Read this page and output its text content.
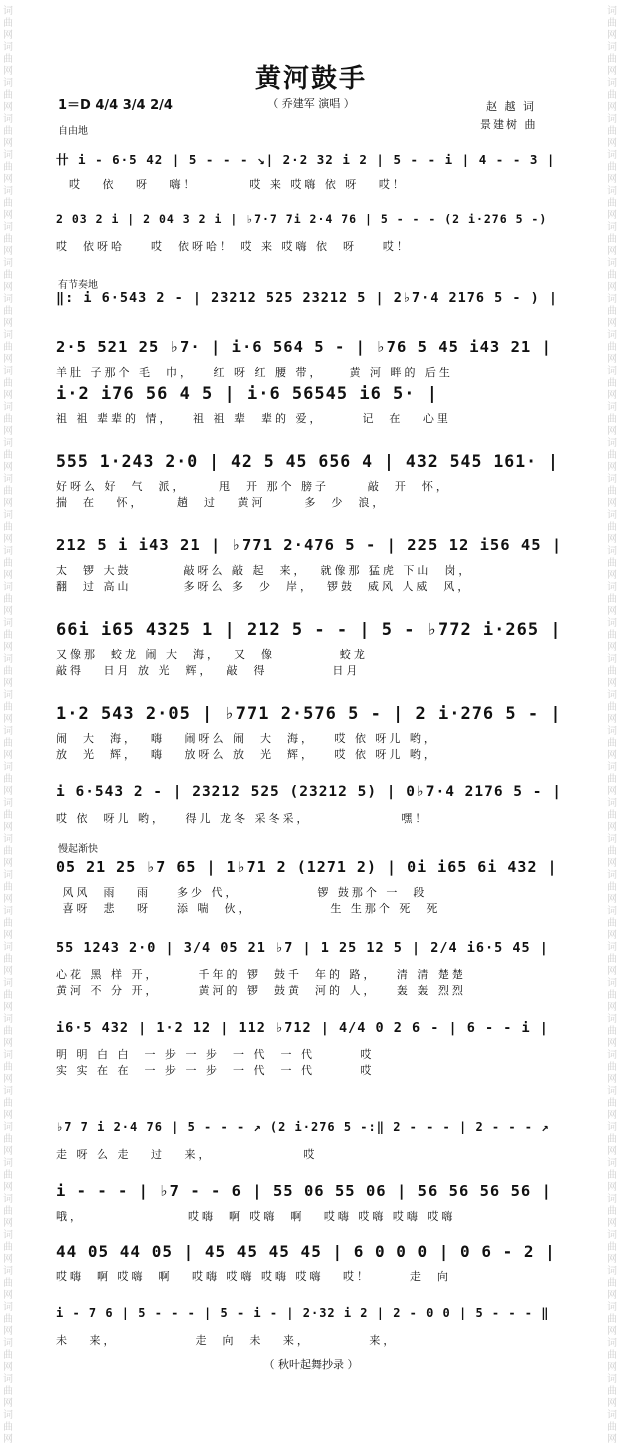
词
曲
网
词
曲
网
词
曲
网
词
曲
网
词
曲
网
词
曲
网
词
曲
网
词
曲
网
词
曲
网
词
曲
网
词
曲
网
词
曲
网
词
曲
网
词
曲
网
词
曲
网
词
曲
网
词
曲
网
词
曲
网
词
曲
网
词
曲
网
词
曲
网
词
曲
网
词
曲
网
词
曲
网
词
曲
网
词
曲
网
词
曲
网
词
曲
网
词
曲
网
词
曲
网
词
曲
网
词
曲
网
词
曲
网
词
曲
网
词
曲
网
词
曲
网
词
曲
网
词
曲
网
词
曲
网
词
曲
网
词
曲
网
词
曲
网
词
曲
网
词
曲
网
词
曲
网
词
曲
网
词
曲
网
词
曲
网
词
曲
网
词
曲
网
词
曲
网
词
曲
网
词
曲
网
词
曲
网
词
曲
网
词
曲
网
词
曲
网
词
曲
网
词
曲
网
词
曲
网
词
曲
网
词
曲
网
词
曲
网
词
曲
网
词
曲
网
词
曲
网
词
曲
网
词
曲
网
词
曲
网
词
曲
网
词
曲
网
词
曲
网
词
曲
网
词
曲
网
词
曲
网
词
曲
网
词
曲
网
词
曲
网
词
曲
网
词
曲
网
黄河鼓手
（ 乔建军 演唱 ）
1＝D 4/4 3/4 2/4	赵 越 词
景建树 曲
自由地
有节奏地
慢起渐快
卄 i - 6·5 42 | 5 - - - ↘| 2·2 32 i 2 | 5 - - i | 4 - - 3 |
哎   依   呀   嗨！        哎 来 哎嗨 依 呀   哎！
2 03 2 i | 2 04 3 2 i | ♭7·7 7i 2·4 76 | 5 - - - (2 i·276 5 -)
哎  依呀哈    哎  依呀哈！ 哎 来 哎嗨 依  呀    哎！
‖: i 6·543 2 - | 23212 525 23212 5 | 2♭7·4 2176 5 - ) |
2·5 521 25 ♭7· | i·6 564 5 - | ♭76 5 45 i43 21 |
羊肚 子那个 毛  巾，   红 呀 红 腰 带，    黄 河 畔的 后生
i·2 i76 56 4 5 | i·6 56545 i6 5· |
祖 祖 辈辈的 情，   祖 祖 辈  辈的 爱，      记  在   心里
555 1·243 2·0 | 42 5 45 656 4 | 432 545 161· |
好呀么 好  气  派，     甩  开 那个 膀子      敲  开  怀，
揣  在   怀，     趟  过   黄河      多  少  浪，
212 5 i i43 21 | ♭771 2·476 5 - | 225 12 i56 45 |
太  锣 大鼓        敲呀么 敲 起  来，  就像那 猛虎 下山  岗，
翻  过 高山        多呀么 多  少  岸，  锣鼓  威风 人威  风，
66i i65 4325 1 | 212 5 - - | 5 - ♭772 i·265 |
又像那  蛟龙 闹 大  海，  又  像          蛟龙
敲得   日月 放 光  辉，  敲  得          日月
1·2 543 2·05 | ♭771 2·576 5 - | 2 i·276 5 - |
闹  大  海，  嗨   闹呀么 闹  大  海，   哎 依 呀儿 哟，
放  光  辉，  嗨   放呀么 放  光  辉，   哎 依 呀儿 哟，
i 6·543 2 - | 23212 525 (23212 5) | 0♭7·4 2176 5 - |
哎 依  呀儿 哟，   得儿 龙冬 采冬采，              嘿！
05 21 25 ♭7 65 | 1♭71 2 (1271 2) | 0i i65 6i 432 |
风风  雨   雨    多少 代，            锣 鼓那个 一  段
喜呀  悲   呀    添 喘  伙，            生 生那个 死  死
55 1243 2·0 | 3/4 05 21 ♭7 | 1 25 12 5 | 2/4 i6·5 45 |
心花 黑 样 开，      千年的 锣  鼓千  年的 路，   清 清 楚楚
黄河 不 分 开，      黄河的 锣  鼓黄  河的 人，   轰 轰 烈烈
i6·5 432 | 1·2 12 | 112 ♭712 | 4/4 0 2 6 - | 6 - - i |
明 明 白 白  一 步 一 步  一 代  一 代       哎
实 实 在 在  一 步 一 步  一 代  一 代       哎
♭7 7 i 2·4 76 | 5 - - - ↗ (2 i·276 5 -:‖ 2 - - - | 2 - - - ↗
走 呀 么 走   过   来，              哎
i - - - | ♭7 - - 6 | 55 06 55 06 | 56 56 56 56 |
哦，                哎嗨  啊 哎嗨  啊   哎嗨 哎嗨 哎嗨 哎嗨
44 05 44 05 | 45 45 45 45 | 6 0 0 0 | 0 6 - 2 |
哎嗨  啊 哎嗨  啊   哎嗨 哎嗨 哎嗨 哎嗨   哎！      走  向
i - 7 6 | 5 - - - | 5 - i - | 2·32 i 2 | 2 - 0 0 | 5 - - - ‖
未   来，            走  向  未   来，         来，
（ 秋叶起舞抄录 ）
